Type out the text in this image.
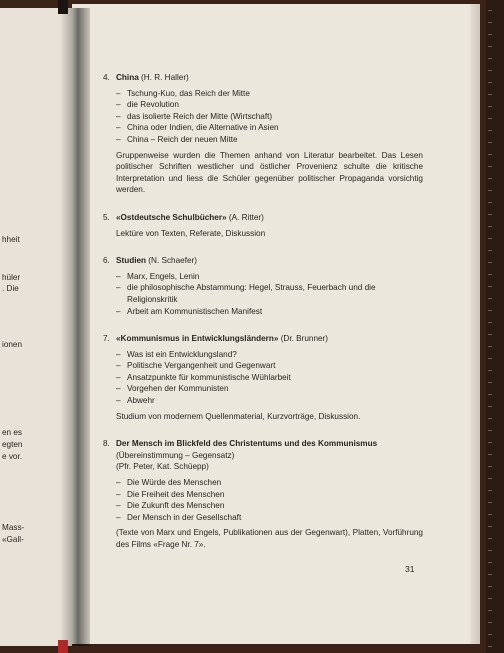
hheit
hüler
. Die
ionen
en es
egten
e vor.
Mass-
«Gall-
4. China (H. R. Haller)
– Tschung-Kuo, das Reich der Mitte
– die Revolution
– das isolierte Reich der Mitte (Wirtschaft)
– China oder Indien, die Alternative in Asien
– China – Reich der neuen Mitte

Gruppenweise wurden die Themen anhand von Literatur bearbeitet. Das Lesen politischer Schriften westlicher und östlicher Provenienz schulte die kritische Interpretation und liess die Schüler gegenüber politischer Propaganda vorsichtig werden.

5. «Ostdeutsche Schulbücher» (A. Ritter)

Lektüre von Texten, Referate, Diskussion

6. Studien (N. Schaefer)
– Marx, Engels, Lenin
– die philosophische Abstammung: Hegel, Strauss, Feuerbach und die Religionskritik
– Arbeit am Kommunistischen Manifest
7. «Kommunismus in Entwicklungsländern» (Dr. Brunner)
– Was ist ein Entwicklungsland?
– Politische Vergangenheit und Gegenwart
– Ansatzpunkte für kommunistische Wühlarbeit
– Vorgehen der Kommunisten
– Abwehr

Studium von modernem Quellenmaterial, Kurzvorträge, Diskussion.

8. Der Mensch im Blickfeld des Christentums und des Kommunismus
(Übereinstimmung – Gegensatz)
(Pfr. Peter, Kat. Schüepp)
– Die Würde des Menschen
– Die Freiheit des Menschen
– Die Zukunft des Menschen
– Der Mensch in der Gesellschaft

(Texte von Marx und Engels, Publikationen aus der Gegenwart), Platten, Vorführung des Films «Frage Nr. 7».

31
